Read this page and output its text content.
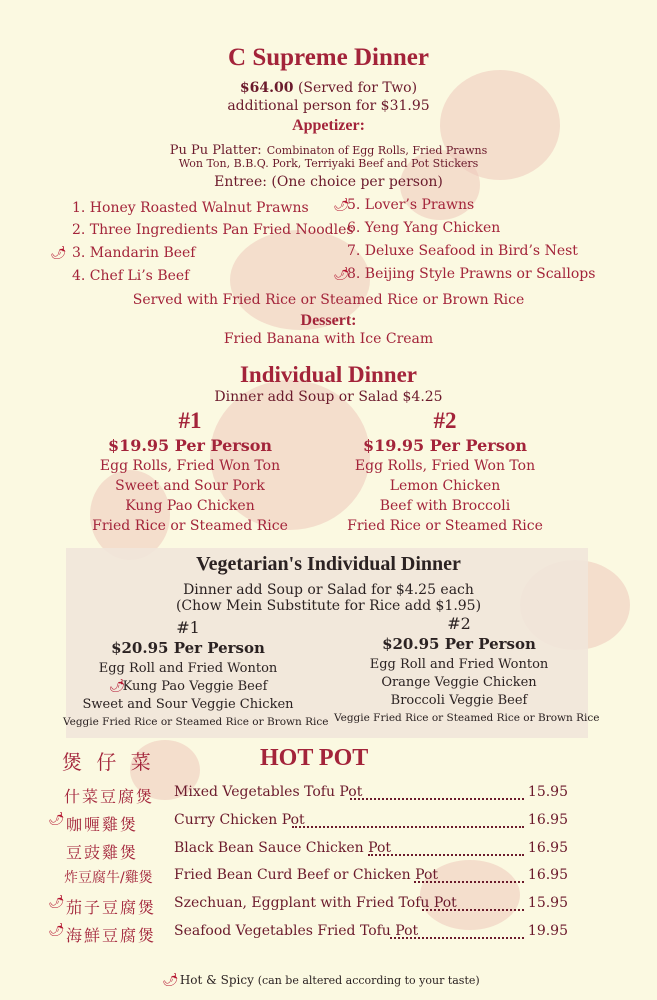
C Supreme Dinner
$64.00 (Served for Two)
additional person for $31.95
Appetizer:
Pu Pu Platter: Combinaton of Egg Rolls, Fried Prawns
Won Ton, B.B.Q. Pork, Terriyaki Beef and Pot Stickers
Entree: (One choice per person)
1. Honey Roasted Walnut Prawns
2. Three Ingredients Pan Fried Noodles
🌶 3. Mandarin Beef
4. Chef Li’s Beef
🌶5. Lover’s Prawns
6. Yeng Yang Chicken
7. Deluxe Seafood in Bird’s Nest
🌶8. Beijing Style Prawns or Scallops
Served with Fried Rice or Steamed Rice or Brown Rice
Dessert:
Fried Banana with Ice Cream
Individual Dinner
Dinner add Soup or Salad $4.25
#1
$19.95 Per Person
Egg Rolls, Fried Won Ton
Sweet and Sour Pork
Kung Pao Chicken
Fried Rice or Steamed Rice
#2
$19.95 Per Person
Egg Rolls, Fried Won Ton
Lemon Chicken
Beef with Broccoli
Fried Rice or Steamed Rice
Vegetarian's Individual Dinner
Dinner add Soup or Salad for $4.25 each
(Chow Mein Substitute for Rice add $1.95)
#1
$20.95 Per Person
Egg Roll and Fried Wonton
🌶Kung Pao Veggie Beef
Sweet and Sour Veggie Chicken
Veggie Fried Rice or Steamed Rice or Brown Rice
#2
$20.95 Per Person
Egg Roll and Fried Wonton
Orange Veggie Chicken
Broccoli Veggie Beef
Veggie Fried Rice or Steamed Rice or Brown Rice
煲 仔 菜	HOT POT
什菜豆腐煲	Mixed Vegetables Tofu Pot	15.95
🌶 咖喱雞煲	Curry Chicken Pot	16.95
豆豉雞煲	Black Bean Sauce Chicken Pot	16.95
炸豆腐牛/雞煲	Fried Bean Curd Beef or Chicken Pot	16.95
🌶 茄子豆腐煲	Szechuan, Eggplant with Fried Tofu Pot	15.95
🌶 海鮮豆腐煲	Seafood Vegetables Fried Tofu Pot	19.95
🌶 Hot & Spicy (can be altered according to your taste)
